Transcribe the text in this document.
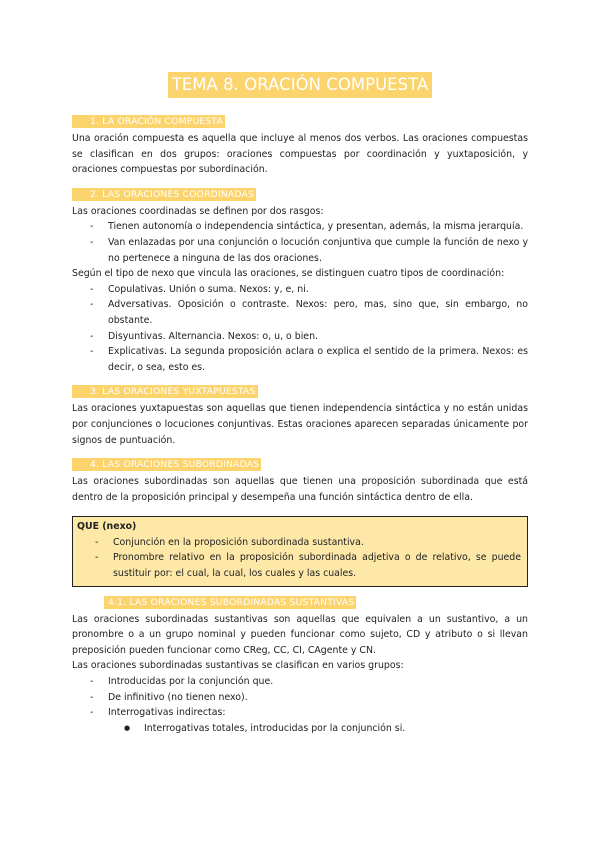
TEMA 8. ORACIÓN COMPUESTA
1. LA ORACIÓN COMPUESTA

Una oración compuesta es aquella que incluye al menos dos verbos. Las oraciones compuestas se clasifican en dos grupos: oraciones compuestas por coordinación y yuxtaposición, y oraciones compuestas por subordinación.

2. LAS ORACIONES COORDINADAS

Las oraciones coordinadas se definen por dos rasgos:

- Tienen autonomía o independencia sintáctica, y presentan, además, la misma jerarquía.
- Van enlazadas por una conjunción o locución conjuntiva que cumple la función de nexo y no pertenece a ninguna de las dos oraciones.

Según el tipo de nexo que vincula las oraciones, se distinguen cuatro tipos de coordinación:

- Copulativas. Unión o suma. Nexos: y, e, ni.
- Adversativas. Oposición o contraste. Nexos: pero, mas, sino que, sin embargo, no obstante.
- Disyuntivas. Alternancia. Nexos: o, u, o bien.
- Explicativas. La segunda proposición aclara o explica el sentido de la primera. Nexos: es decir, o sea, esto es.
3. LAS ORACIONES YUXTAPUESTAS

Las oraciones yuxtapuestas son aquellas que tienen independencia sintáctica y no están unidas por conjunciones o locuciones conjuntivas. Estas oraciones aparecen separadas únicamente por signos de puntuación.

4. LAS ORACIONES SUBORDINADAS

Las oraciones subordinadas son aquellas que tienen una proposición subordinada que está dentro de la proposición principal y desempeña una función sintáctica dentro de ella.

QUE (nexo)
- Conjunción en la proposición subordinada sustantiva.
- Pronombre relativo en la proposición subordinada adjetiva o de relativo, se puede sustituir por: el cual, la cual, los cuales y las cuales.
4.1. LAS ORACIONES SUBORDINADAS SUSTANTIVAS

Las oraciones subordinadas sustantivas son aquellas que equivalen a un sustantivo, a un pronombre o a un grupo nominal y pueden funcionar como sujeto, CD y atributo o si llevan preposición pueden funcionar como CReg, CC, CI, CAgente y CN.

Las oraciones subordinadas sustantivas se clasifican en varios grupos:

- Introducidas por la conjunción que.
- De infinitivo (no tienen nexo).
- Interrogativas indirectas:
● Interrogativas totales, introducidas por la conjunción si.
